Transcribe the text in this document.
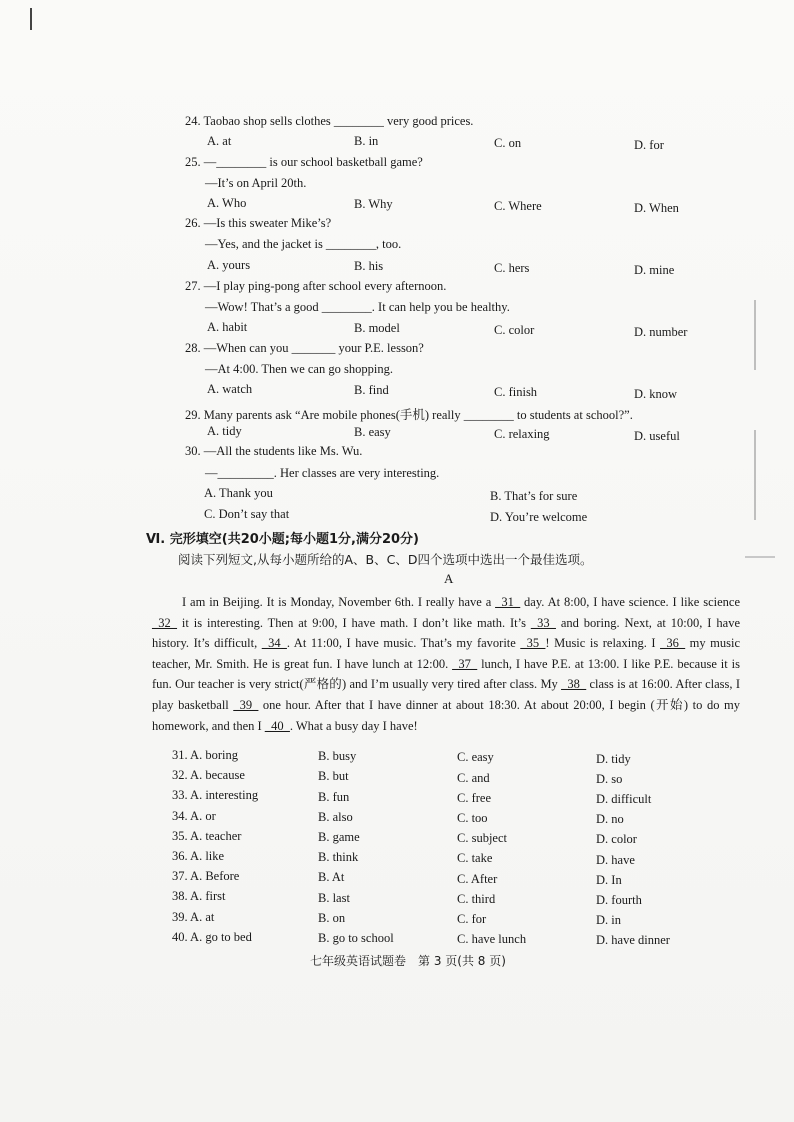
24. Taobao shop sells clothes ________ very good prices.
A. at	B. in	C. on	D. for
25. —________ is our school basketball game?
—It’s on April 20th.
A. Who	B. Why	C. Where	D. When
26. —Is this sweater Mike’s?
—Yes, and the jacket is ________, too.
A. yours	B. his	C. hers	D. mine
27. —I play ping-pong after school every afternoon.
—Wow! That’s a good ________. It can help you be healthy.
A. habit	B. model	C. color	D. number
28. —When can you _______ your P.E. lesson?
—At 4:00. Then we can go shopping.
A. watch	B. find	C. finish	D. know
29. Many parents ask “Are mobile phones(手机) really ________ to students at school?”.
A. tidy	B. easy	C. relaxing	D. useful
30. —All the students like Ms. Wu.
—_________. Her classes are very interesting.
A. Thank you	B. That’s for sure
C. Don’t say that	D. You’re welcome
Ⅵ. 完形填空(共20小题;每小题1分,满分20分)
阅读下列短文,从每小题所给的A、B、C、D四个选项中选出一个最佳选项。
A

I am in Beijing. It is Monday, November 6th. I really have a _31_ day. At 8:00, I have science. I like science _32_ it is interesting. Then at 9:00, I have math. I don’t like math. It’s _33_ and boring. Next, at 10:00, I have history. It’s difficult, _34_. At 11:00, I have music. That’s my favorite _35_! Music is relaxing. I _36_ my music teacher, Mr. Smith. He is great fun. I have lunch at 12:00. _37_ lunch, I have P.E. at 13:00. I like P.E. because it is fun. Our teacher is very strict(严格的) and I’m usually very tired after class. My _38_ class is at 16:00. After class, I play basketball _39_ one hour. After that I have dinner at about 18:30. At about 20:00, I begin (开始) to do my homework, and then I _40_. What a busy day I have!

31. A. boring	B. busy	C. easy	D. tidy
32. A. because	B. but	C. and	D. so
33. A. interesting	B. fun	C. free	D. difficult
34. A. or	B. also	C. too	D. no
35. A. teacher	B. game	C. subject	D. color
36. A. like	B. think	C. take	D. have
37. A. Before	B. At	C. After	D. In
38. A. first	B. last	C. third	D. fourth
39. A. at	B. on	C. for	D. in
40. A. go to bed	B. go to school	C. have lunch	D. have dinner
七年级英语试题卷　第 3 页(共 8 页)
